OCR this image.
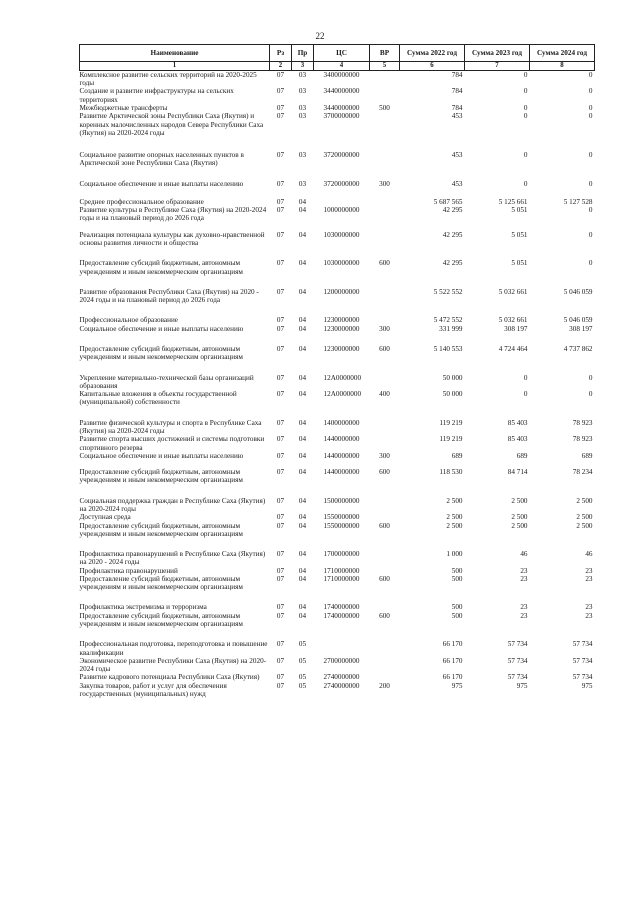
22
Наименование	Рз	Пр	ЦС	ВР	Сумма 2022 год	Сумма 2023 год	Сумма 2024 год
1	2	3	4	5	6	7	8
Комплексное развитие сельских территорий на 2020-2025 годы	07	03	3400000000		784	0	0
Создание и развитие инфраструктуры на сельских территориях	07	03	3440000000		784	0	0
Межбюджетные трансферты	07	03	3440000000	500	784	0	0
Развитие Арктической зоны Республики Саха (Якутия) и коренных малочисленных народов Севера Республики Саха (Якутия) на 2020-2024 годы	07	03	3700000000		453	0	0

Социальное развитие опорных населенных пунктов в Арктической зоне Республики Саха (Якутия)	07	03	3720000000		453	0	0

Социальное обеспечение и иные выплаты населению	07	03	3720000000	300	453	0	0

Среднее профессиональное образование	07	04			5 687 565	5 125 661	5 127 528
Развитие культуры в Республике Саха (Якутия) на 2020-2024 годы и на плановый период до 2026 года	07	04	1000000000		42 295	5 051	0

Реализация потенциала культуры как духовно-нравственной основы развития личности и общества	07	04	1030000000		42 295	5 051	0

Предоставление субсидий бюджетным, автономным учреждениям и иным некоммерческим организациям	07	04	1030000000	600	42 295	5 051	0

Развитие образования Республики Саха (Якутия) на 2020 - 2024 годы и на плановый период до 2026 года	07	04	1200000000		5 522 552	5 032 661	5 046 059

Профессиональное образование	07	04	1230000000		5 472 552	5 032 661	5 046 059
Социальное обеспечение и иные выплаты населению	07	04	1230000000	300	331 999	308 197	308 197

Предоставление субсидий бюджетным, автономным учреждениям и иным некоммерческим организациям	07	04	1230000000	600	5 140 553	4 724 464	4 737 862

Укрепление материально-технической базы организаций образования	07	04	12А0000000		50 000	0	0
Капитальные вложения в объекты государственной (муниципальной) собственности	07	04	12А0000000	400	50 000	0	0

Развитие физической культуры и спорта в Республике Саха (Якутия) на 2020-2024 годы	07	04	1400000000		119 219	85 403	78 923
Развитие спорта высших достижений и системы подготовки спортивного резерва	07	04	1440000000		119 219	85 403	78 923
Социальное обеспечение и иные выплаты населению	07	04	1440000000	300	689	689	689

Предоставление субсидий бюджетным, автономным учреждениям и иным некоммерческим организациям	07	04	1440000000	600	118 530	84 714	78 234

Социальная поддержка граждан в Республике Саха (Якутия) на 2020-2024 годы	07	04	1500000000		2 500	2 500	2 500
Доступная среда	07	04	1550000000		2 500	2 500	2 500
Предоставление субсидий бюджетным, автономным учреждениям и иным некоммерческим организациям	07	04	1550000000	600	2 500	2 500	2 500

Профилактика правонарушений в Республике Саха (Якутия) на 2020 - 2024 годы	07	04	1700000000		1 000	46	46
Профилактика правонарушений	07	04	1710000000		500	23	23
Предоставление субсидий бюджетным, автономным учреждениям и иным некоммерческим организациям	07	04	1710000000	600	500	23	23

Профилактика экстремизма и терроризма	07	04	1740000000		500	23	23
Предоставление субсидий бюджетным, автономным учреждениям и иным некоммерческим организациям	07	04	1740000000	600	500	23	23

Профессиональная подготовка, переподготовка и повышение квалификации	07	05			66 170	57 734	57 734
Экономическое развитие Республики Саха (Якутия) на 2020-2024 годы	07	05	2700000000		66 170	57 734	57 734
Развитие кадрового потенциала Республики Саха (Якутия)	07	05	2740000000		66 170	57 734	57 734
Закупка товаров, работ и услуг для обеспечения государственных (муниципальных) нужд	07	05	2740000000	200	975	975	975
